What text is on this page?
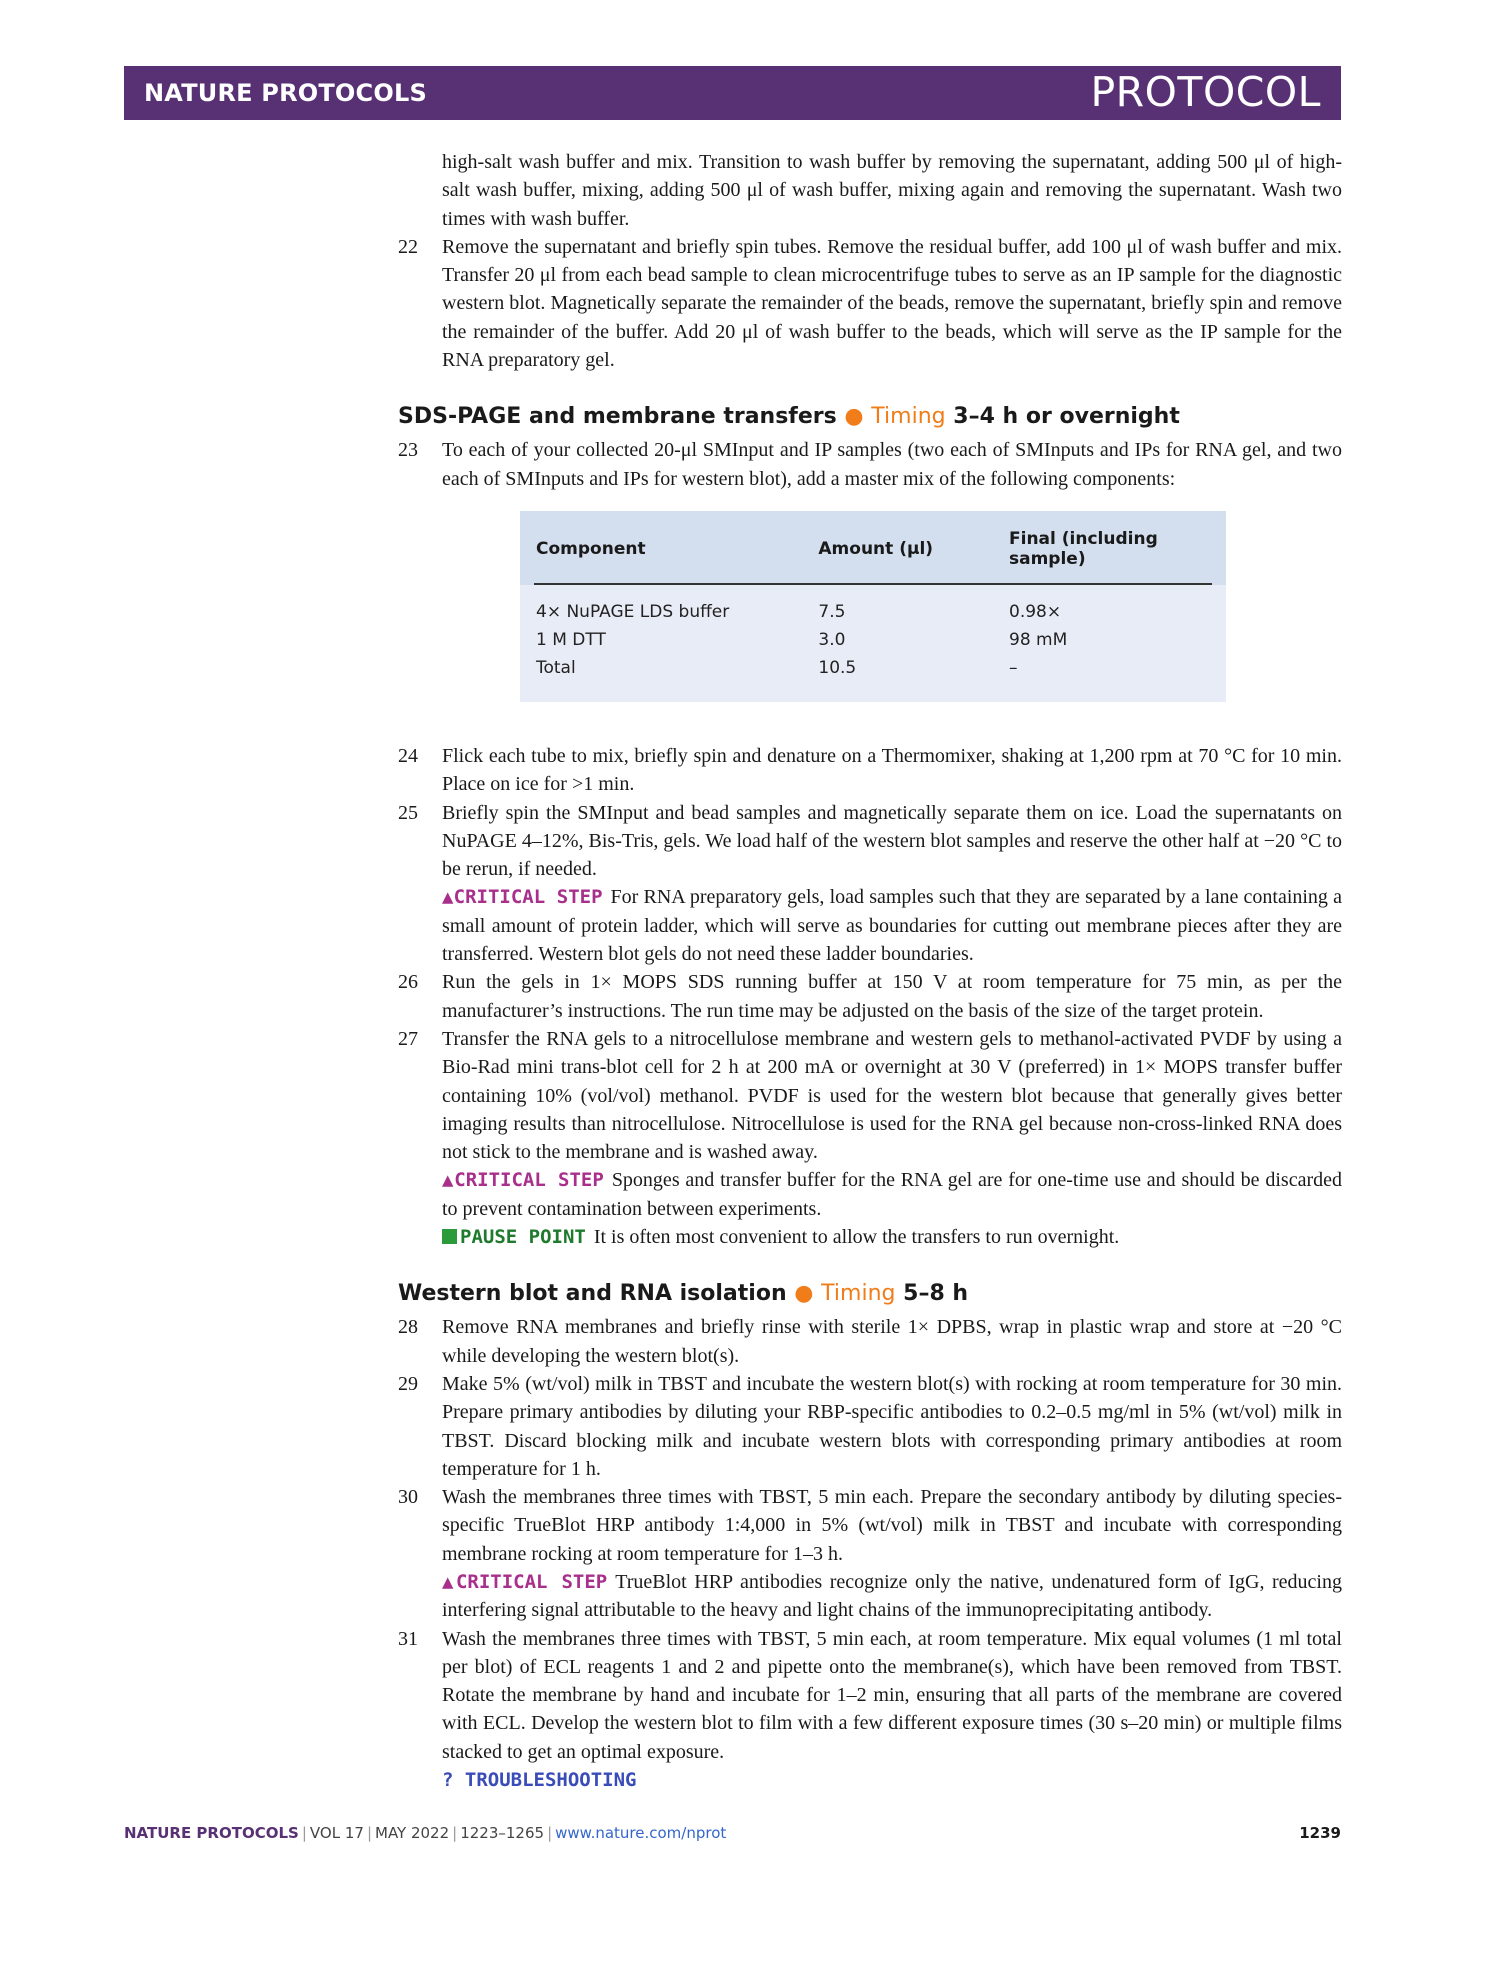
NATURE PROTOCOLS	PROTOCOL

high-salt wash buffer and mix. Transition to wash buffer by removing the supernatant, adding 500 μl of high-salt wash buffer, mixing, adding 500 μl of wash buffer, mixing again and removing the supernatant. Wash two times with wash buffer.

22 Remove the supernatant and briefly spin tubes. Remove the residual buffer, add 100 μl of wash buffer and mix. Transfer 20 μl from each bead sample to clean microcentrifuge tubes to serve as an IP sample for the diagnostic western blot. Magnetically separate the remainder of the beads, remove the supernatant, briefly spin and remove the remainder of the buffer. Add 20 μl of wash buffer to the beads, which will serve as the IP sample for the RNA preparatory gel.

SDS-PAGE and membrane transfers ● Timing 3–4 h or overnight

23 To each of your collected 20-μl SMInput and IP samples (two each of SMInputs and IPs for RNA gel, and two each of SMInputs and IPs for western blot), add a master mix of the following components:

Component	Amount (μl)	Final (including sample)

4× NuPAGE LDS buffer	7.5	0.98×
1 M DTT	3.0	98 mM
Total	10.5	–

24 Flick each tube to mix, briefly spin and denature on a Thermomixer, shaking at 1,200 rpm at 70 °C for 10 min. Place on ice for >1 min.

25 Briefly spin the SMInput and bead samples and magnetically separate them on ice. Load the supernatants on NuPAGE 4–12%, Bis-Tris, gels. We load half of the western blot samples and reserve the other half at −20 °C to be rerun, if needed.

▲CRITICAL STEP For RNA preparatory gels, load samples such that they are separated by a lane containing a small amount of protein ladder, which will serve as boundaries for cutting out membrane pieces after they are transferred. Western blot gels do not need these ladder boundaries.

26 Run the gels in 1× MOPS SDS running buffer at 150 V at room temperature for 75 min, as per the manufacturer’s instructions. The run time may be adjusted on the basis of the size of the target protein.

27 Transfer the RNA gels to a nitrocellulose membrane and western gels to methanol-activated PVDF by using a Bio-Rad mini trans-blot cell for 2 h at 200 mA or overnight at 30 V (preferred) in 1× MOPS transfer buffer containing 10% (vol/vol) methanol. PVDF is used for the western blot because that generally gives better imaging results than nitrocellulose. Nitrocellulose is used for the RNA gel because non-cross-linked RNA does not stick to the membrane and is washed away.

▲CRITICAL STEP Sponges and transfer buffer for the RNA gel are for one-time use and should be discarded to prevent contamination between experiments.

PAUSE POINT It is often most convenient to allow the transfers to run overnight.

Western blot and RNA isolation ● Timing 5–8 h

28 Remove RNA membranes and briefly rinse with sterile 1× DPBS, wrap in plastic wrap and store at −20 °C while developing the western blot(s).

29 Make 5% (wt/vol) milk in TBST and incubate the western blot(s) with rocking at room temperature for 30 min. Prepare primary antibodies by diluting your RBP-specific antibodies to 0.2–0.5 mg/ml in 5% (wt/vol) milk in TBST. Discard blocking milk and incubate western blots with corresponding primary antibodies at room temperature for 1 h.

30 Wash the membranes three times with TBST, 5 min each. Prepare the secondary antibody by diluting species-specific TrueBlot HRP antibody 1:4,000 in 5% (wt/vol) milk in TBST and incubate with corresponding membrane rocking at room temperature for 1–3 h.

▲CRITICAL STEP TrueBlot HRP antibodies recognize only the native, undenatured form of IgG, reducing interfering signal attributable to the heavy and light chains of the immunoprecipitating antibody.

31 Wash the membranes three times with TBST, 5 min each, at room temperature. Mix equal volumes (1 ml total per blot) of ECL reagents 1 and 2 and pipette onto the membrane(s), which have been removed from TBST. Rotate the membrane by hand and incubate for 1–2 min, ensuring that all parts of the membrane are covered with ECL. Develop the western blot to film with a few different exposure times (30 s–20 min) or multiple films stacked to get an optimal exposure.

? TROUBLESHOOTING

NATURE PROTOCOLS | VOL 17 | MAY 2022 | 1223–1265 | www.nature.com/nprot	1239
